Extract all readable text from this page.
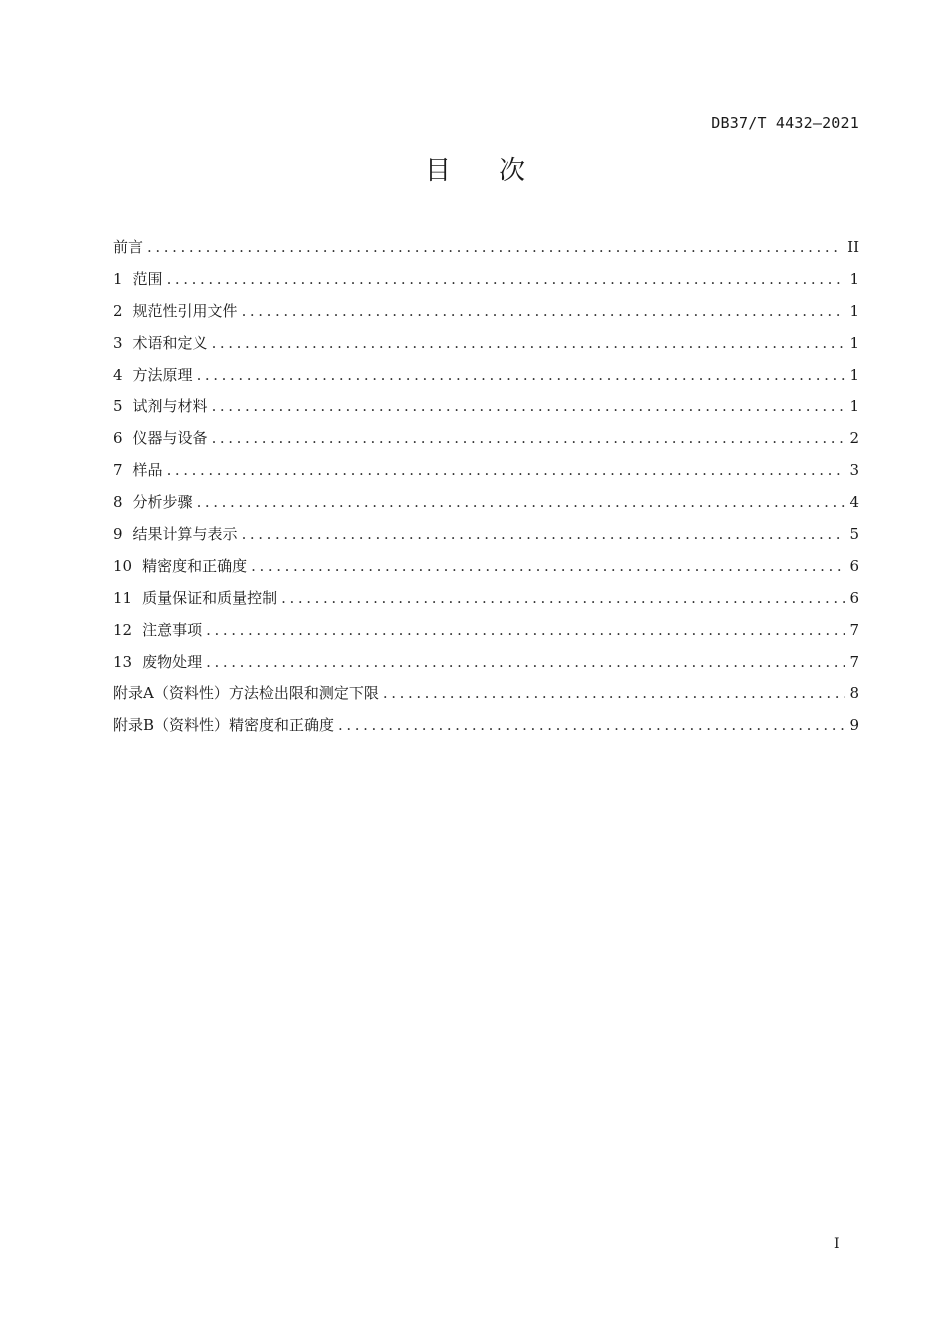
DB37/T 4432—2021
目次
前言 .....	II
1 范围 .....	1
2 规范性引用文件 .....	1
3 术语和定义 .....	1
4 方法原理 .....	1
5 试剂与材料 .....	1
6 仪器与设备 .....	2
7 样品 .....	3
8 分析步骤 .....	4
9 结果计算与表示 .....	5
10 精密度和正确度 .....	6
11 质量保证和质量控制 .....	6
12 注意事项 .....	7
13 废物处理 .....	7
附录A（资料性）方法检出限和测定下限 .....	8
附录B（资料性）精密度和正确度 .....	9
I
